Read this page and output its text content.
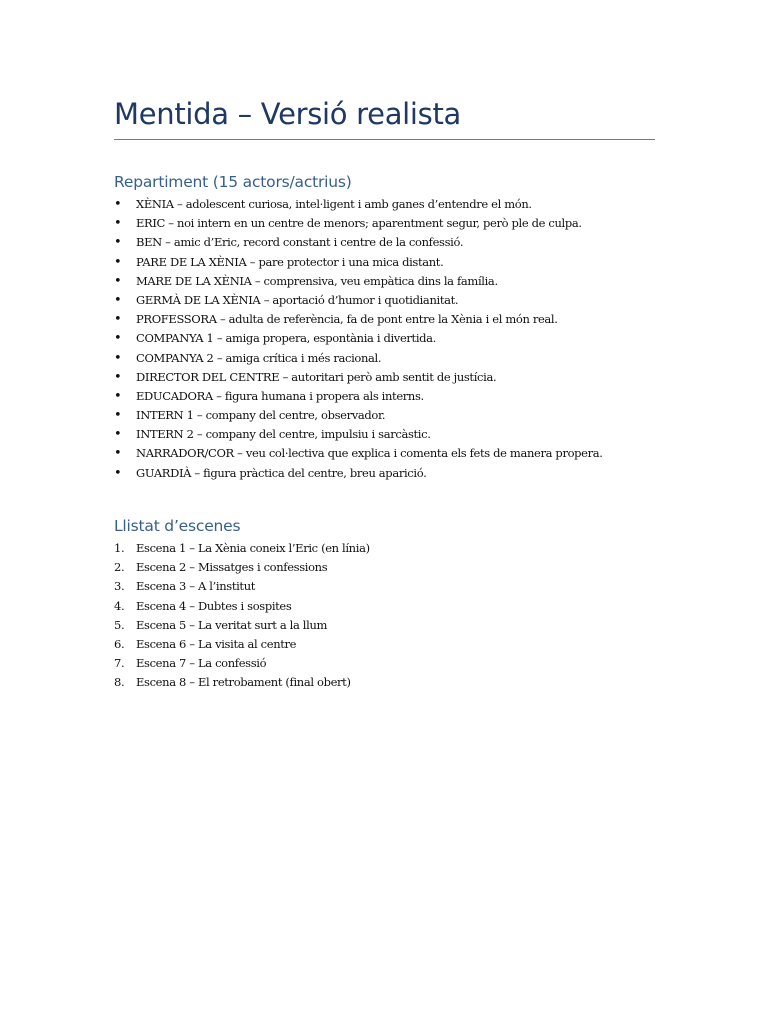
Mentida – Versió realista
Repartiment (15 actors/actrius)
• XÈNIA – adolescent curiosa, intel·ligent i amb ganes d’entendre el món.
• ERIC – noi intern en un centre de menors; aparentment segur, però ple de culpa.
• BEN – amic d’Eric, record constant i centre de la confessió.
• PARE DE LA XÈNIA – pare protector i una mica distant.
• MARE DE LA XÈNIA – comprensiva, veu empàtica dins la família.
• GERMÀ DE LA XÈNIA – aportació d’humor i quotidianitat.
• PROFESSORA – adulta de referència, fa de pont entre la Xènia i el món real.
• COMPANYA 1 – amiga propera, espontània i divertida.
• COMPANYA 2 – amiga crítica i més racional.
• DIRECTOR DEL CENTRE – autoritari però amb sentit de justícia.
• EDUCADORA – figura humana i propera als interns.
• INTERN 1 – company del centre, observador.
• INTERN 2 – company del centre, impulsiu i sarcàstic.
• NARRADOR/COR – veu col·lectiva que explica i comenta els fets de manera propera.
• GUARDIÀ – figura pràctica del centre, breu aparició.
Llistat d’escenes
1. Escena 1 – La Xènia coneix l’Eric (en línia)
2. Escena 2 – Missatges i confessions
3. Escena 3 – A l’institut
4. Escena 4 – Dubtes i sospites
5. Escena 5 – La veritat surt a la llum
6. Escena 6 – La visita al centre
7. Escena 7 – La confessió
8. Escena 8 – El retrobament (final obert)
